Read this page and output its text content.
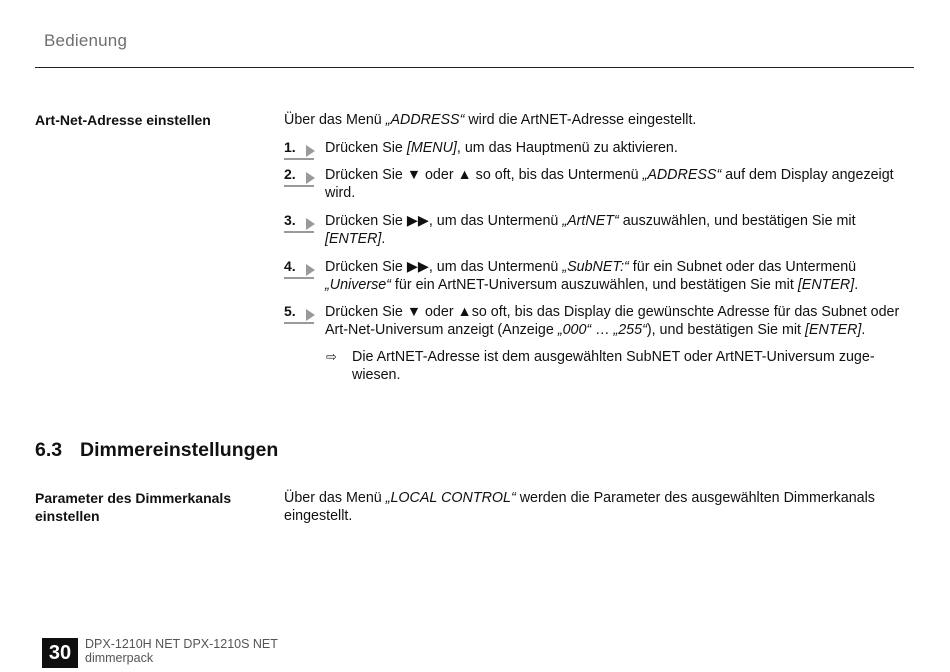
Bedienung
Art-Net-Adresse einstellen	Über das Menü „ADDRESS“ wird die ArtNET-Adresse eingestellt.
1. Drücken Sie [MENU], um das Hauptmenü zu aktivieren.
2. Drücken Sie ▼ oder ▲ so oft, bis das Untermenü „ADDRESS“ auf dem Display angezeigt wird.
3. Drücken Sie ▶▶, um das Untermenü „ArtNET“ auszuwählen, und bestätigen Sie mit [ENTER].
4. Drücken Sie ▶▶, um das Untermenü „SubNET:“ für ein Subnet oder das Untermenü „Universe“ für ein ArtNET-Universum auszuwählen, und bestätigen Sie mit [ENTER].
5. Drücken Sie ▼ oder ▲so oft, bis das Display die gewünschte Adresse für das Subnet oder Art-Net-Universum anzeigt (Anzeige „000“ … „255“), und bestätigen Sie mit [ENTER].
⇨ Die ArtNET-Adresse ist dem ausgewählten SubNET oder ArtNET-Universum zuge-wiesen.
6.3 Dimmereinstellungen
Parameter des Dimmerkanals einstellen
Über das Menü „LOCAL CONTROL“ werden die Parameter des ausgewählten Dimmerkanals eingestellt.
30	DPX-1210H NET DPX-1210S NET
dimmerpack
